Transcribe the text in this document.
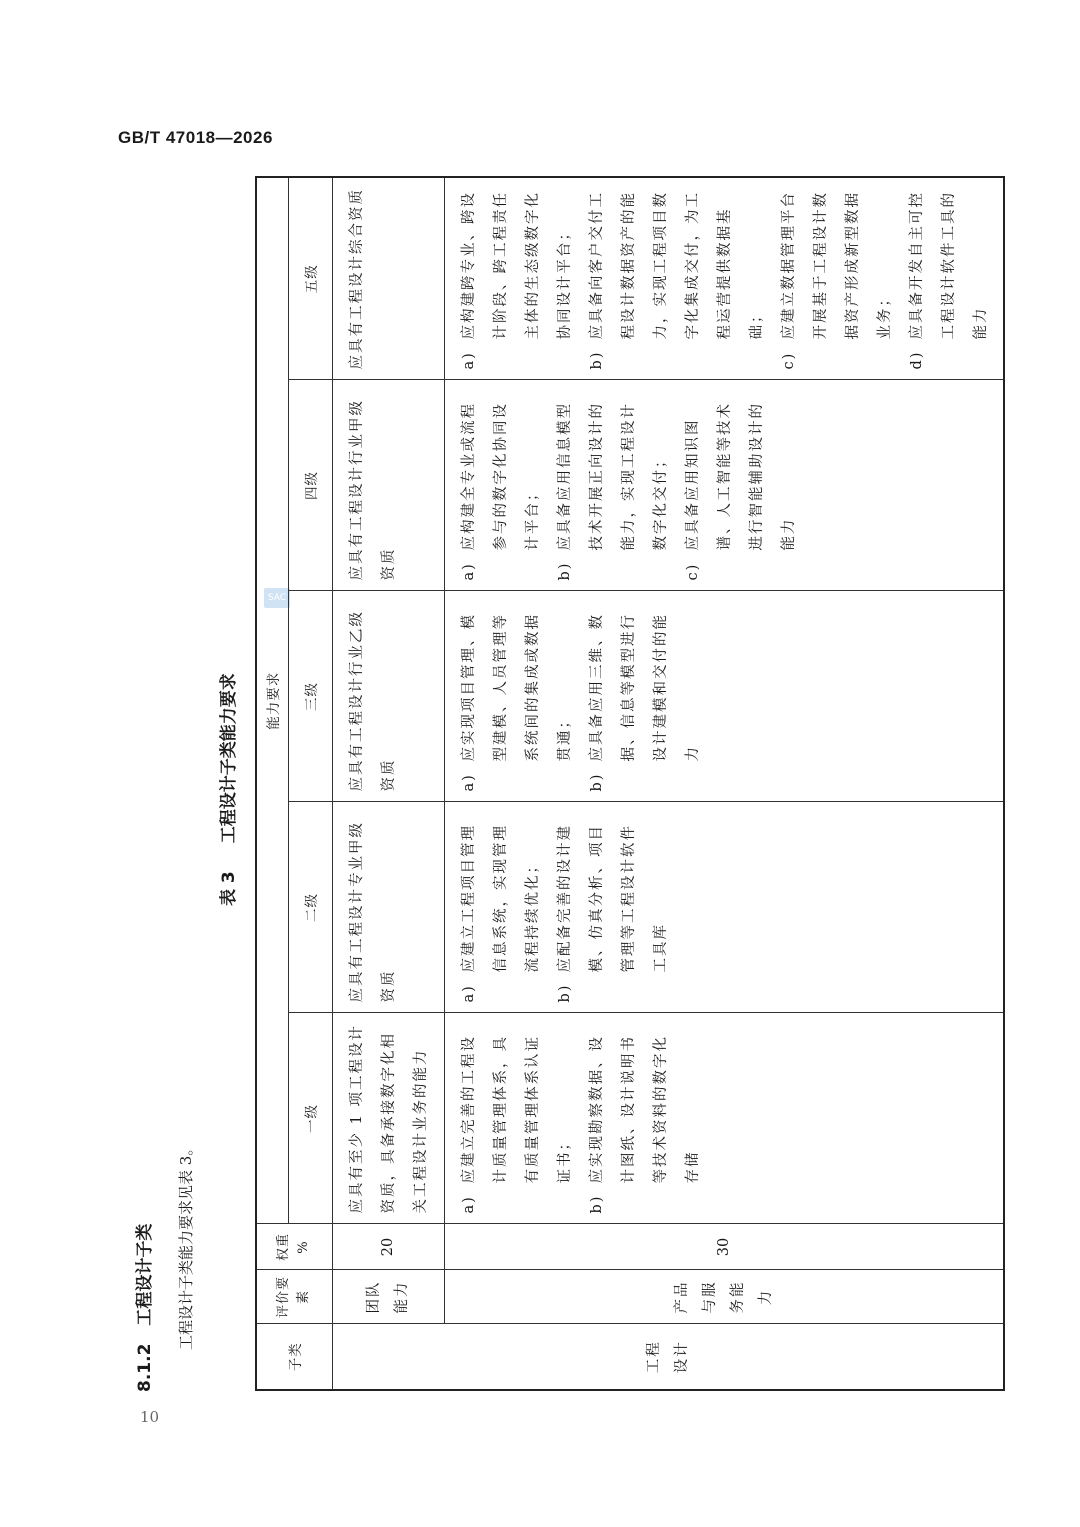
GB/T 47018—2026
10
SAC
8.1.2工程设计子类 工程设计子类能力要求见表 3。
表 3工程设计子类能力要求
子类	评价要素	权重 %	能力要求				
			一级	二级	三级	四级	五级
工程设计	团队能力	20	应具有至少 1 项工程设计资质，具备承接数字化相关工程设计业务的能力	应具有工程设计专业甲级资质	应具有工程设计行业乙级资质	应具有工程设计行业甲级资质	应具有工程设计综合资质
	产品与服务能力	30	a)应建立完善的工程设计质量管理体系，具有质量管理体系认证证书；
b)应实现勘察数据、设计图纸、设计说明书等技术资料的数字化存储	a)应建立工程项目管理信息系统，实现管理流程持续优化；
b)应配备完善的设计建模、仿真分析、项目管理等工程设计软件工具库	a)应实现项目管理、模型建模、人员管理等系统间的集成或数据贯通；
b)应具备应用三维、数据、信息等模型进行设计建模和交付的能力	a)应构建全专业或流程参与的数字化协同设计平台；
b)应具备应用信息模型技术开展正向设计的能力，实现工程设计数字化交付；
c)应具备应用知识图谱、人工智能等技术进行智能辅助设计的能力	a)应构建跨专业、跨设计阶段、跨工程责任主体的生态级数字化协同设计平台；
b)应具备向客户交付工程设计数据资产的能力，实现工程项目数字化集成交付，为工程运营提供数据基础；
c)应建立数据管理平台开展基于工程设计数据资产形成新型数据业务；
d)应具备开发自主可控工程设计软件工具的能力
